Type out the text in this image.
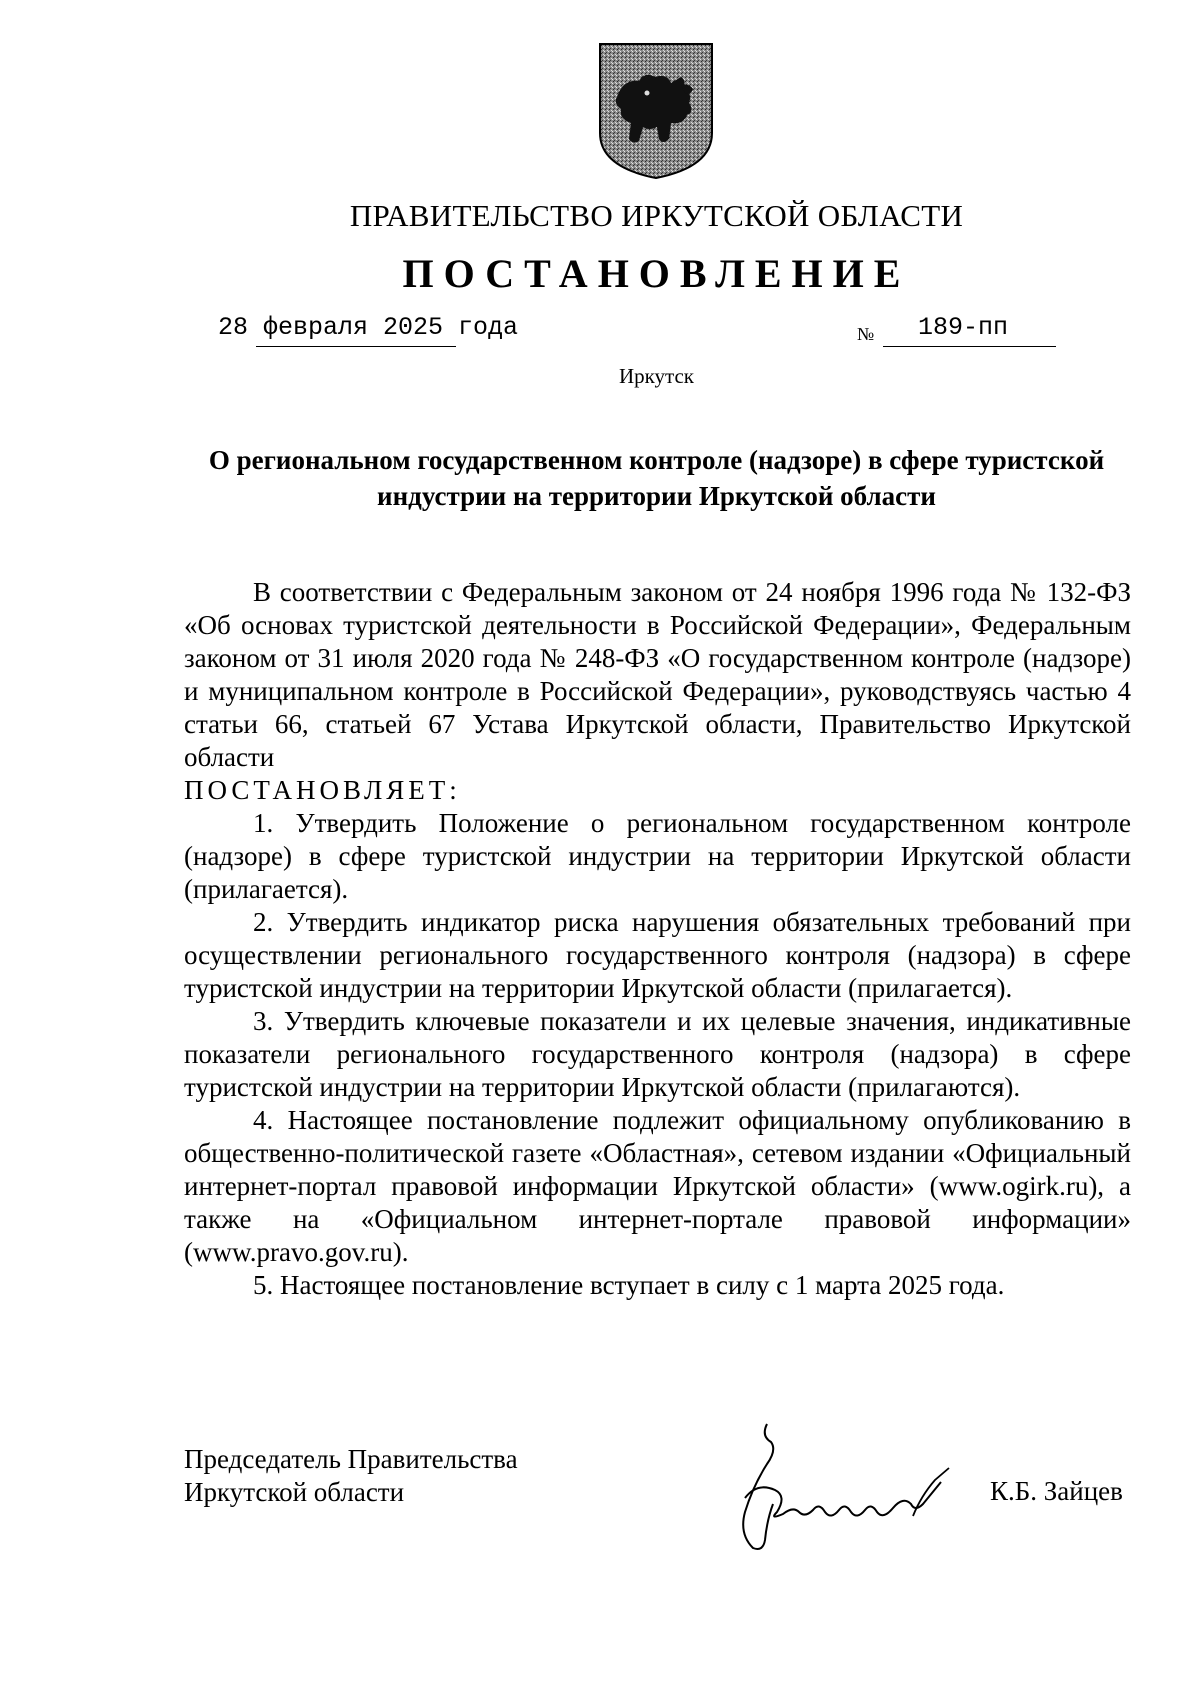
ПРАВИТЕЛЬСТВО ИРКУТСКОЙ ОБЛАСТИ
ПОСТАНОВЛЕНИЕ
28 февраля 2025 года	№ 189-пп
Иркутск
О региональном государственном контроле (надзоре) в сфере туристской
индустрии на территории Иркутской области

В соответствии с Федеральным законом от 24 ноября 1996 года № 132-ФЗ «Об основах туристской деятельности в Российской Федерации», Федеральным законом от 31 июля 2020 года № 248-ФЗ «О государственном контроле (надзоре) и муниципальном контроле в Российской Федерации», руководствуясь частью 4 статьи 66, статьей 67 Устава Иркутской области, Правительство Иркутской области

ПОСТАНОВЛЯЕТ:

1. Утвердить Положение о региональном государственном контроле (надзоре) в сфере туристской индустрии на территории Иркутской области (прилагается).

2. Утвердить индикатор риска нарушения обязательных требований при осуществлении регионального государственного контроля (надзора) в сфере туристской индустрии на территории Иркутской области (прилагается).

3. Утвердить ключевые показатели и их целевые значения, индикативные показатели регионального государственного контроля (надзора) в сфере туристской индустрии на территории Иркутской области (прилагаются).

4. Настоящее постановление подлежит официальному опубликованию в общественно-политической газете «Областная», сетевом издании «Официальный интернет-портал правовой информации Иркутской области» (www.ogirk.ru), а также на «Официальном интернет-портале правовой информации» (www.pravo.gov.ru).

5. Настоящее постановление вступает в силу с 1 марта 2025 года.

Председатель Правительства
Иркутской области	К.Б. Зайцев
